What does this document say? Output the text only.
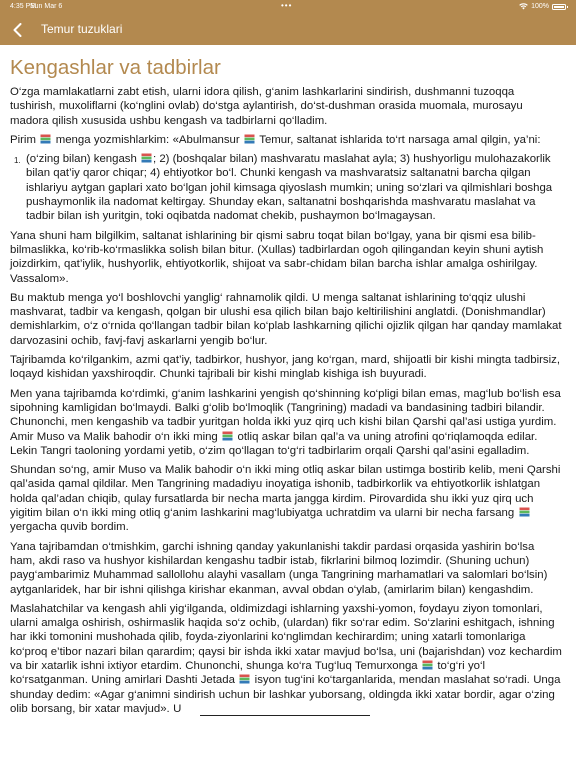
4:35 PM
Sun Mar 6	•••	100%
Temur tuzuklari
Kengashlar va tadbirlar

O‘zga mamlakatlarni zabt etish, ularni idora qilish, g‘anim lashkarlarini sindirish, dushmanni tuzoqqa tushirish, muxoliflarni (ko‘nglini ovlab) do‘stga aylantirish, do‘st-dushman orasida muomala, murosayu madora qilish xususida ushbu kengash va tadbirlarni qo‘lladim.

Pirim menga yozmishlarkim: «Abulmansur Temur, saltanat ishlarida to‘rt narsaga amal qilgin, ya’ni:

1. (o‘zing bilan) kengash ; 2) (boshqalar bilan) mashvaratu maslahat ayla; 3) hushyorligu mulohazakorlik bilan qat’iy qaror chiqar; 4) ehtiyotkor bo‘l. Chunki kengash va mashvaratsiz saltanatni barcha qilgan ishlariyu aytgan gaplari xato bo‘lgan johil kimsaga qiyoslash mumkin; uning so‘zlari va qilmishlari boshga pushaymonlik ila nadomat keltirgay. Shunday ekan, saltanatni boshqarishda mashvaratu maslahat va tadbir bilan ish yuritgin, toki oqibatda nadomat chekib, pushaymon bo‘lmagaysan.

Yana shuni ham bilgilkim, saltanat ishlarining bir qismi sabru toqat bilan bo‘lgay, yana bir qismi esa bilib-bilmaslikka, ko‘rib-ko‘rmaslikka solish bilan bitur. (Xullas) tadbirlardan ogoh qilingandan keyin shuni aytish joizdirkim, qat’iylik, hushyorlik, ehtiyotkorlik, shijoat va sabr-chidam bilan barcha ishlar amalga oshirilgay. Vassalom».

Bu maktub menga yo‘l boshlovchi yanglig‘ rahnamolik qildi. U menga saltanat ishlarining to‘qqiz ulushi mashvarat, tadbir va kengash, qolgan bir ulushi esa qilich bilan bajo keltirilishini anglatdi. (Donishmandlar) demishlarkim, o‘z o‘rnida qo‘llangan tadbir bilan ko‘plab lashkarning qilichi ojizlik qilgan har qanday mamlakat darvozasini ochib, favj-favj askarlarni yengib bo‘lur.

Tajribamda ko‘rilgankim, azmi qat’iy, tadbirkor, hushyor, jang ko‘rgan, mard, shijoatli bir kishi mingta tadbirsiz, loqayd kishidan yaxshiroqdir. Chunki tajribali bir kishi minglab kishiga ish buyuradi.

Men yana tajribamda ko‘rdimki, g‘anim lashkarini yengish qo‘shinning ko‘pligi bilan emas, mag‘lub bo‘lish esa sipohning kamligidan bo‘lmaydi. Balki g‘olib bo‘lmoqlik (Tangrining) madadi va bandasining tadbiri bilandir. Chunonchi, men kengashib va tadbir yuritgan holda ikki yuz qirq uch kishi bilan Qarshi qal’asi ustiga yurdim. Amir Muso va Malik bahodir o‘n ikki ming otliq askar bilan qal’a va uning atrofini qo‘riqlamoqda edilar. Lekin Tangri taoloning yordami yetib, o‘zim qo‘llagan to‘g‘ri tadbirlarim orqali Qarshi qal’asini egalladim.

Shundan so‘ng, amir Muso va Malik bahodir o‘n ikki ming otliq askar bilan ustimga bostirib kelib, meni Qarshi qal’asida qamal qildilar. Men Tangrining madadiyu inoyatiga ishonib, tadbirkorlik va ehtiyotkorlik ishlatgan holda qal’adan chiqib, qulay fursatlarda bir necha marta jangga kirdim. Pirovardida shu ikki yuz qirq uch yigitim bilan o‘n ikki ming otliq g‘anim lashkarini mag‘lubiyatga uchratdim va ularni bir necha farsang  yergacha quvib bordim.

Yana tajribamdan o‘tmishkim, garchi ishning qanday yakunlanishi takdir pardasi orqasida yashirin bo‘lsa ham, akdi raso va hushyor kishilardan kengashu tadbir istab, fikrlarini bilmoq lozimdir. (Shuning uchun) payg‘ambarimiz Muhammad sallollohu alayhi vasallam (unga Tangrining marhamatlari va salomlari bo‘lsin) aytganlaridek, har bir ishni qilishga kirishar ekanman, avval obdan o‘ylab, (amirlarim bilan) kengashdim.

Maslahatchilar va kengash ahli yig‘ilganda, oldimizdagi ishlarning yaxshi-yomon, foydayu ziyon tomonlari, ularni amalga oshirish, oshirmaslik haqida so‘z ochib, (ulardan) fikr so‘rar edim. So‘zlarini eshitgach, ishning har ikki tomonini mushohada qilib, foyda-ziyonlarini ko‘nglimdan kechirardim; uning xatarli tomonlariga ko‘proq e’tibor nazari bilan qarardim; qaysi bir ishda ikki xatar mavjud bo‘lsa, uni (bajarishdan) voz kechardim va bir xatarlik ishni ixtiyor etardim. Chunonchi, shunga ko‘ra Tug‘luq Temurxonga to‘g‘ri yo‘l ko‘rsatganman. Uning amirlari Dashti Jetada isyon tug‘ini ko‘targanlarida, mendan maslahat so‘radi. Unga shunday dedim: «Agar g‘animni sindirish uchun bir lashkar yuborsang, oldingda ikki xatar bordir, agar o‘zing olib borsang, bir xatar mavjud». U
